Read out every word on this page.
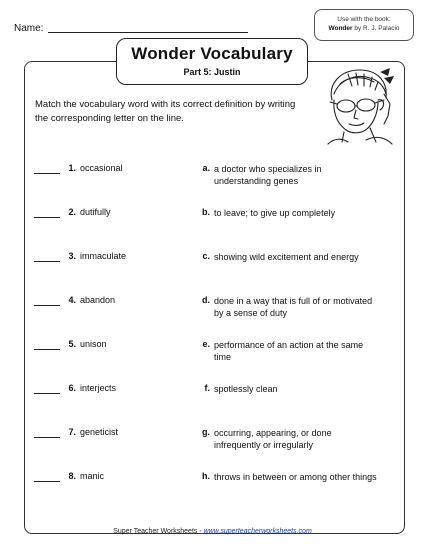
Name:
Use with the book:
Wonder by R. J. Palacio
Wonder Vocabulary
Part 5: Justin
Match the vocabulary word with its correct definition by writing the corresponding letter on the line.
1. occasional	a. a doctor who specializes in understanding genes
2. dutifully	b. to leave; to give up completely
3. immaculate	c. showing wild excitement and energy
4. abandon	d. done in a way that is full of or motivated by a sense of duty
5. unison	e. performance of an action at the same time
6. interjects	f. spotlessly clean
7. geneticist	g. occurring, appearing, or done infrequently or irregularly
8. manic	h. throws in between or among other things
Super Teacher Worksheets - www.superteacherworksheets.com
